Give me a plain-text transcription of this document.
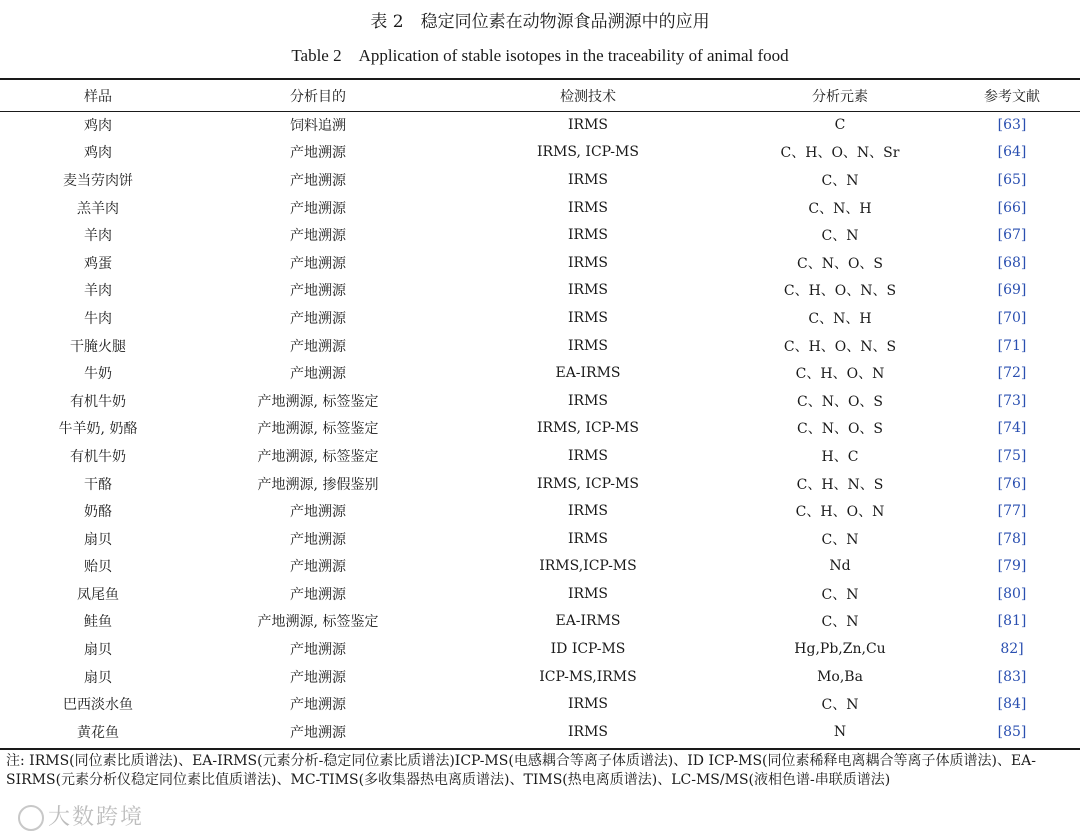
表 2　稳定同位素在动物源食品溯源中的应用
Table 2　Application of stable isotopes in the traceability of animal food
样品	分析目的	检测技术	分析元素	参考文献
鸡肉	饲料追溯	IRMS	C	[63]
鸡肉	产地溯源	IRMS, ICP-MS	C、H、O、N、Sr	[64]
麦当劳肉饼	产地溯源	IRMS	C、N	[65]
羔羊肉	产地溯源	IRMS	C、N、H	[66]
羊肉	产地溯源	IRMS	C、N	[67]
鸡蛋	产地溯源	IRMS	C、N、O、S	[68]
羊肉	产地溯源	IRMS	C、H、O、N、S	[69]
牛肉	产地溯源	IRMS	C、N、H	[70]
干腌火腿	产地溯源	IRMS	C、H、O、N、S	[71]
牛奶	产地溯源	EA-IRMS	C、H、O、N	[72]
有机牛奶	产地溯源, 标签鉴定	IRMS	C、N、O、S	[73]
牛羊奶, 奶酪	产地溯源, 标签鉴定	IRMS, ICP-MS	C、N、O、S	[74]
有机牛奶	产地溯源, 标签鉴定	IRMS	H、C	[75]
干酪	产地溯源, 掺假鉴别	IRMS, ICP-MS	C、H、N、S	[76]
奶酪	产地溯源	IRMS	C、H、O、N	[77]
扇贝	产地溯源	IRMS	C、N	[78]
贻贝	产地溯源	IRMS,ICP-MS	Nd	[79]
凤尾鱼	产地溯源	IRMS	C、N	[80]
鲑鱼	产地溯源, 标签鉴定	EA-IRMS	C、N	[81]
扇贝	产地溯源	ID ICP-MS	Hg,Pb,Zn,Cu	82]
扇贝	产地溯源	ICP-MS,IRMS	Mo,Ba	[83]
巴西淡水鱼	产地溯源	IRMS	C、N	[84]
黄花鱼	产地溯源	IRMS	N	[85]
注: IRMS(同位素比质谱法)、EA-IRMS(元素分析-稳定同位素比质谱法)ICP-MS(电感耦合等离子体质谱法)、ID ICP-MS(同位素稀释电离耦合等离子体质谱法)、EA-SIRMS(元素分析仪稳定同位素比值质谱法)、MC-TIMS(多收集器热电离质谱法)、TIMS(热电离质谱法)、LC-MS/MS(液相色谱-串联质谱法)
大数跨境
